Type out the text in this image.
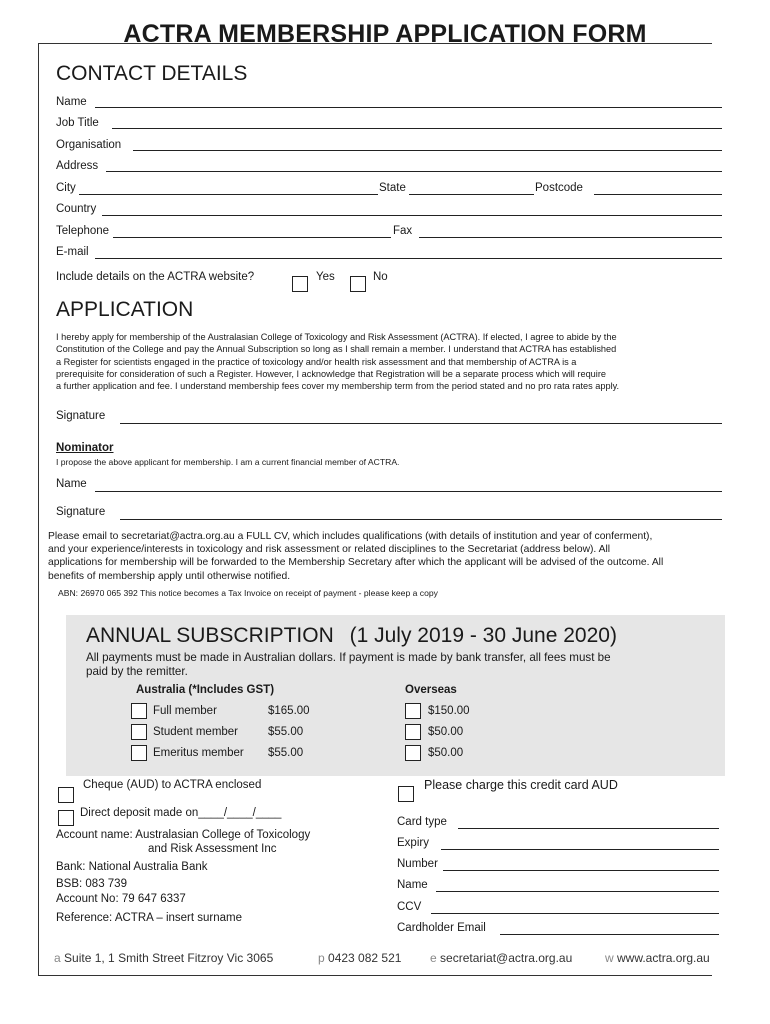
ACTRA MEMBERSHIP APPLICATION FORM
CONTACT DETAILS
Name
Job Title
Organisation
Address
City	State	Postcode
Country
Telephone	Fax
E-mail
Include details on the ACTRA website?	Yes	No
APPLICATION
I hereby apply for membership of the Australasian College of Toxicology and Risk Assessment (ACTRA). If elected, I agree to abide by the
Constitution of the College and pay the Annual Subscription so long as I shall remain a member. I understand that ACTRA has established
a Register for scientists engaged in the practice of toxicology and/or health risk assessment and that membership of ACTRA is a
prerequisite for consideration of such a Register. However, I acknowledge that Registration will be a separate process which will require
a further application and fee. I understand membership fees cover my membership term from the period stated and no pro rata rates apply.
Signature
Nominator
I propose the above applicant for membership. I am a current financial member of ACTRA.
Name
Signature
Please email to secretariat@actra.org.au a FULL CV, which includes qualifications (with details of institution and year of conferment),
and your experience/interests in toxicology and risk assessment or related disciplines to the Secretariat (address below). All
applications for membership will be forwarded to the Membership Secretary after which the applicant will be advised of the outcome. All
benefits of membership apply until otherwise notified.
ABN: 26970 065 392 This notice becomes a Tax Invoice on receipt of payment - please keep a copy
ANNUAL SUBSCRIPTION (1 July 2019 - 30 June 2020)
All payments must be made in Australian dollars. If payment is made by bank transfer, all fees must be
paid by the remitter.
Australia (*Includes GST)	Overseas
Full member	$165.00	$150.00
Student member	$55.00	$50.00
Emeritus member $55.00	$50.00
Cheque (AUD) to ACTRA enclosed
Direct deposit made on____/____/____
Account name: Australasian College of Toxicology
and Risk Assessment Inc
Bank: National Australia Bank
BSB: 083 739
Account No: 79 647 6337
Reference: ACTRA – insert surname
Please charge this credit card AUD
Card type
Expiry
Number
Name
CCV
Cardholder Email
a Suite 1, 1 Smith Street Fitzroy Vic 3065	p 0423 082 521 e secretariat@actra.org.au	w www.actra.org.au
